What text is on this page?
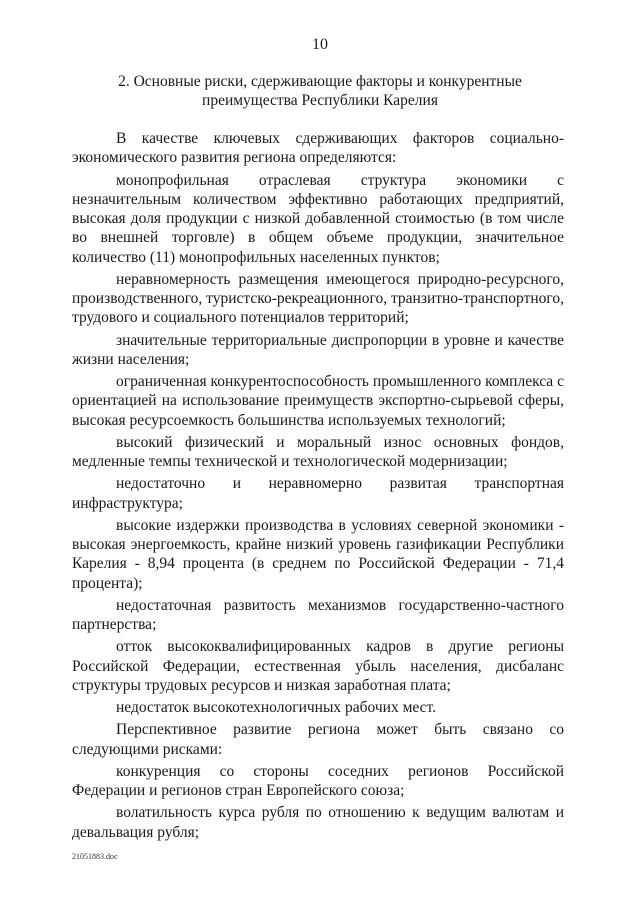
10
2. Основные риски, сдерживающие факторы и конкурентные
преимущества Республики Карелия

В качестве ключевых сдерживающих факторов социально-экономического развития региона определяются:

монопрофильная отраслевая структура экономики с незначительным количеством эффективно работающих предприятий, высокая доля продукции с низкой добавленной стоимостью (в том числе во внешней торговле) в общем объеме продукции, значительное количество (11) монопрофильных населенных пунктов;

неравномерность размещения имеющегося природно-ресурсного, производственного, туристско-рекреационного, транзитно-транспортного, трудового и социального потенциалов территорий;

значительные территориальные диспропорции в уровне и качестве жизни населения;

ограниченная конкурентоспособность промышленного комплекса с ориентацией на использование преимуществ экспортно-сырьевой сферы, высокая ресурсоемкость большинства используемых технологий;

высокий физический и моральный износ основных фондов, медленные темпы технической и технологической модернизации;

недостаточно и неравномерно развитая транспортная инфраструктура;

высокие издержки производства в условиях северной экономики - высокая энергоемкость, крайне низкий уровень газификации Республики Карелия - 8,94 процента (в среднем по Российской Федерации - 71,4 процента);

недостаточная развитость механизмов государственно-частного партнерства;

отток высококвалифицированных кадров в другие регионы Российской Федерации, естественная убыль населения, дисбаланс структуры трудовых ресурсов и низкая заработная плата;

недостаток высокотехнологичных рабочих мест.

Перспективное развитие региона может быть связано со следующими рисками:

конкуренция со стороны соседних регионов Российской Федерации и регионов стран Европейского союза;

волатильность курса рубля по отношению к ведущим валютам и девальвация рубля;

2105188З.doc
